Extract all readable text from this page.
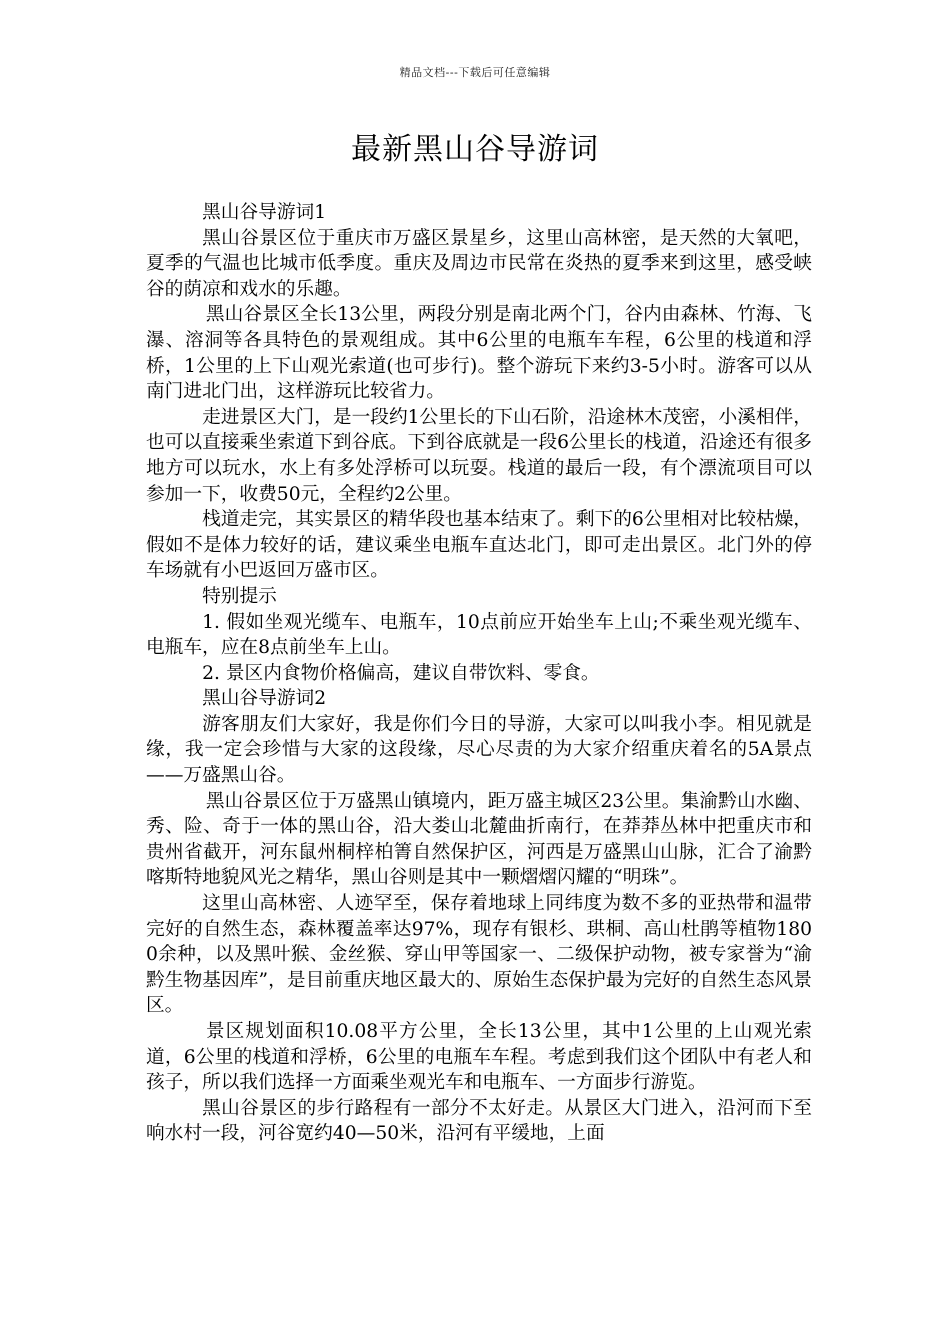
精品文档---下载后可任意编辑
最新黑山谷导游词

黑山谷导游词1

黑山谷景区位于重庆市万盛区景星乡，这里山高林密，是天然的大氧吧，夏季的气温也比城市低季度。重庆及周边市民常在炎热的夏季来到这里，感受峡谷的荫凉和戏水的乐趣。

黑山谷景区全长13公里，两段分别是南北两个门，谷内由森林、竹海、飞瀑、溶洞等各具特色的景观组成。其中6公里的电瓶车车程，6公里的栈道和浮桥，1公里的上下山观光索道(也可步行)。整个游玩下来约3-5小时。游客可以从南门进北门出，这样游玩比较省力。

走进景区大门，是一段约1公里长的下山石阶，沿途林木茂密，小溪相伴，也可以直接乘坐索道下到谷底。下到谷底就是一段6公里长的栈道，沿途还有很多地方可以玩水，水上有多处浮桥可以玩耍。栈道的最后一段，有个漂流项目可以参加一下，收费50元，全程约2公里。

栈道走完，其实景区的精华段也基本结束了。剩下的6公里相对比较枯燥，假如不是体力较好的话，建议乘坐电瓶车直达北门，即可走出景区。北门外的停车场就有小巴返回万盛市区。

特别提示

1. 假如坐观光缆车、电瓶车，10点前应开始坐车上山;不乘坐观光缆车、电瓶车，应在8点前坐车上山。

2. 景区内食物价格偏高，建议自带饮料、零食。

黑山谷导游词2

游客朋友们大家好，我是你们今日的导游，大家可以叫我小李。相见就是缘，我一定会珍惜与大家的这段缘，尽心尽责的为大家介绍重庆着名的5A景点——万盛黑山谷。

黑山谷景区位于万盛黑山镇境内，距万盛主城区23公里。集渝黔山水幽、秀、险、奇于一体的黑山谷，沿大娄山北麓曲折南行，在莽莽丛林中把重庆市和贵州省截开，河东鼠州桐梓柏箐自然保护区，河西是万盛黑山山脉，汇合了渝黔喀斯特地貌风光之精华，黑山谷则是其中一颗熠熠闪耀的“明珠”。

这里山高林密、人迹罕至，保存着地球上同纬度为数不多的亚热带和温带完好的自然生态，森林覆盖率达97%，现存有银杉、珙桐、高山杜鹃等植物1800余种，以及黑叶猴、金丝猴、穿山甲等国家一、二级保护动物，被专家誉为“渝黔生物基因库”，是目前重庆地区最大的、原始生态保护最为完好的自然生态风景区。

景区规划面积10.08平方公里，全长13公里，其中1公里的上山观光索道，6公里的栈道和浮桥，6公里的电瓶车车程。考虑到我们这个团队中有老人和孩子，所以我们选择一方面乘坐观光车和电瓶车、一方面步行游览。

黑山谷景区的步行路程有一部分不太好走。从景区大门进入，沿河而下至响水村一段，河谷宽约40—50米，沿河有平缓地，上面
